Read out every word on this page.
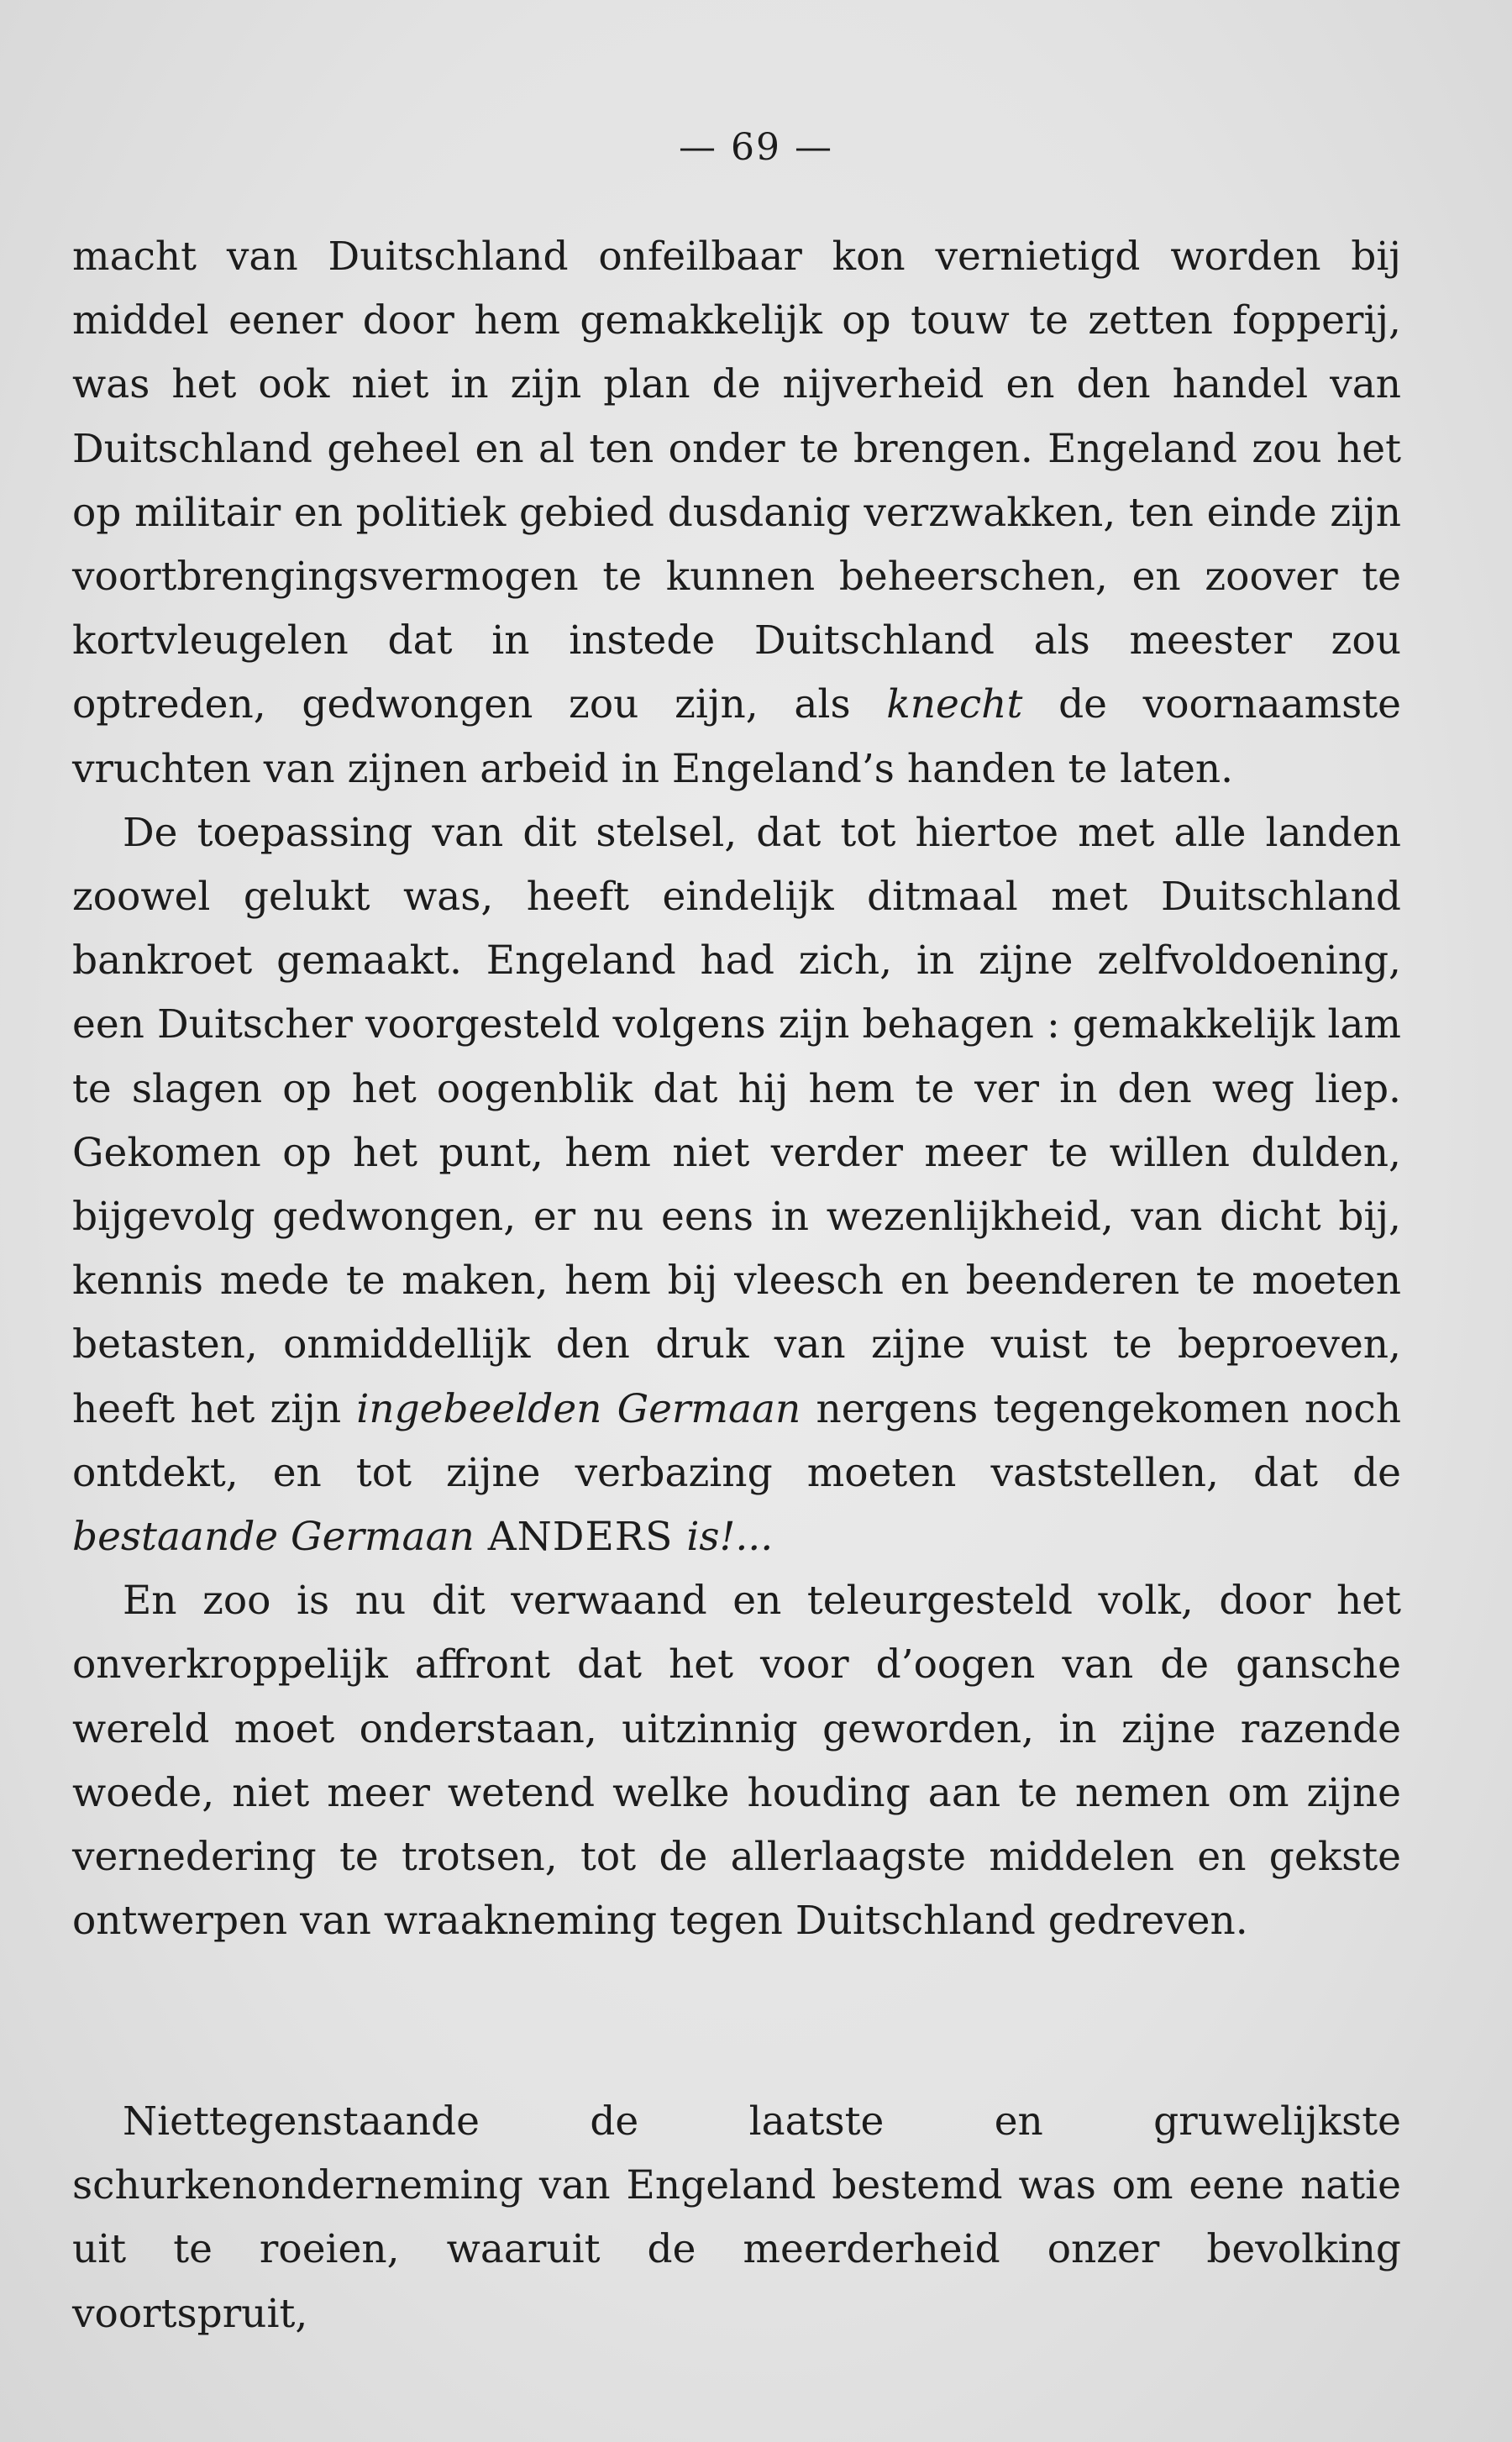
— 69 —

macht van Duitschland onfeilbaar kon vernietigd worden bij middel eener door hem gemakkelijk op touw te zetten fopperij, was het ook niet in zijn plan de nijverheid en den handel van Duitschland geheel en al ten onder te brengen. Engeland zou het op militair en politiek gebied dusdanig verzwakken, ten einde zijn voortbrengingsvermogen te kunnen beheerschen, en zoover te kortvleugelen dat in instede Duitschland als meester zou optreden, gedwongen zou zijn, als knecht de voornaamste vruchten van zijnen arbeid in Engeland’s handen te laten.

De toepassing van dit stelsel, dat tot hiertoe met alle landen zoowel gelukt was, heeft eindelijk ditmaal met Duitschland bankroet gemaakt. Engeland had zich, in zijne zelfvoldoening, een Duitscher voorgesteld volgens zijn behagen : gemakkelijk lam te slagen op het oogenblik dat hij hem te ver in den weg liep. Gekomen op het punt, hem niet verder meer te willen dulden, bijgevolg gedwongen, er nu eens in wezenlijkheid, van dicht bij, kennis mede te maken, hem bij vleesch en beenderen te moeten betasten, onmiddellijk den druk van zijne vuist te beproeven, heeft het zijn ingebeelden Germaan nergens tegengekomen noch ontdekt, en tot zijne verbazing moeten vaststellen, dat de bestaande Germaan ANDERS is!...

En zoo is nu dit verwaand en teleurgesteld volk, door het onverkroppelijk affront dat het voor d’oogen van de gansche wereld moet onderstaan, uitzinnig geworden, in zijne razende woede, niet meer wetend welke houding aan te nemen om zijne vernedering te trotsen, tot de allerlaagste middelen en gekste ontwerpen van wraakneming tegen Duitschland gedreven.

Niettegenstaande de laatste en gruwelijkste schurkenonderneming van Engeland bestemd was om eene natie uit te roeien, waaruit de meerderheid onzer bevolking voortspruit,
